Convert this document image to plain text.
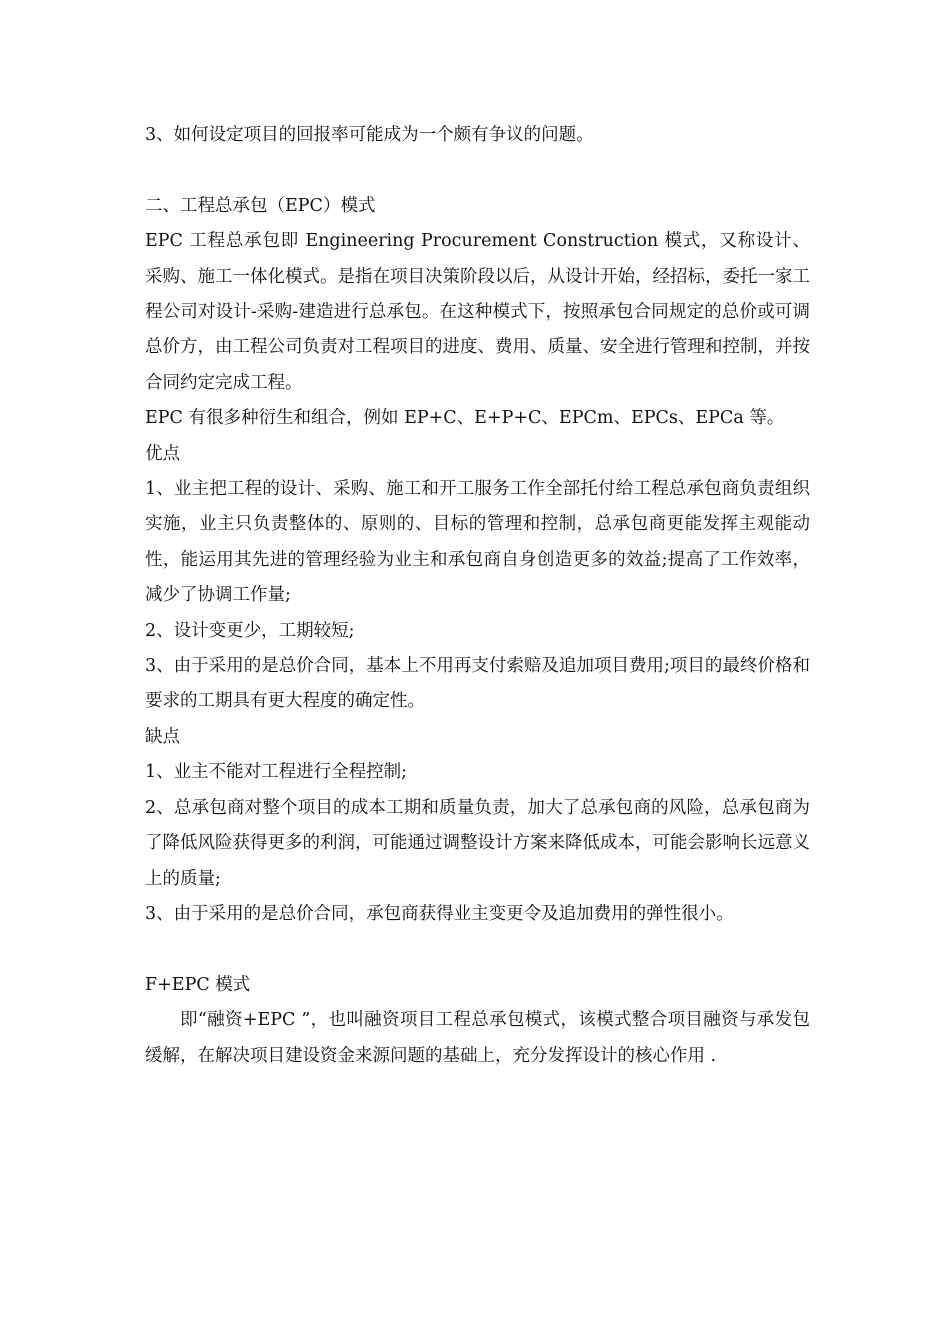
3、如何设定项目的回报率可能成为一个颇有争议的问题。

二、工程总承包（EPC）模式

EPC 工程总承包即 Engineering Procurement Construction 模式，又称设计、采购、施工一体化模式。是指在项目决策阶段以后，从设计开始，经招标，委托一家工程公司对设计-采购-建造进行总承包。在这种模式下，按照承包合同规定的总价或可调总价方，由工程公司负责对工程项目的进度、费用、质量、安全进行管理和控制，并按合同约定完成工程。

EPC 有很多种衍生和组合，例如 EP+C、E+P+C、EPCm、EPCs、EPCa 等。

优点

1、业主把工程的设计、采购、施工和开工服务工作全部托付给工程总承包商负责组织实施，业主只负责整体的、原则的、目标的管理和控制，总承包商更能发挥主观能动性，能运用其先进的管理经验为业主和承包商自身创造更多的效益;提高了工作效率，减少了协调工作量;

2、设计变更少，工期较短;

3、由于采用的是总价合同，基本上不用再支付索赔及追加项目费用;项目的最终价格和要求的工期具有更大程度的确定性。

缺点

1、业主不能对工程进行全程控制;

2、总承包商对整个项目的成本工期和质量负责，加大了总承包商的风险，总承包商为了降低风险获得更多的利润，可能通过调整设计方案来降低成本，可能会影响长远意义上的质量;

3、由于采用的是总价合同，承包商获得业主变更令及追加费用的弹性很小。

F+EPC 模式

即“融资+EPC ”，也叫融资项目工程总承包模式，该模式整合项目融资与承发包缓解，在解决项目建设资金来源问题的基础上，充分发挥设计的核心作用 .
